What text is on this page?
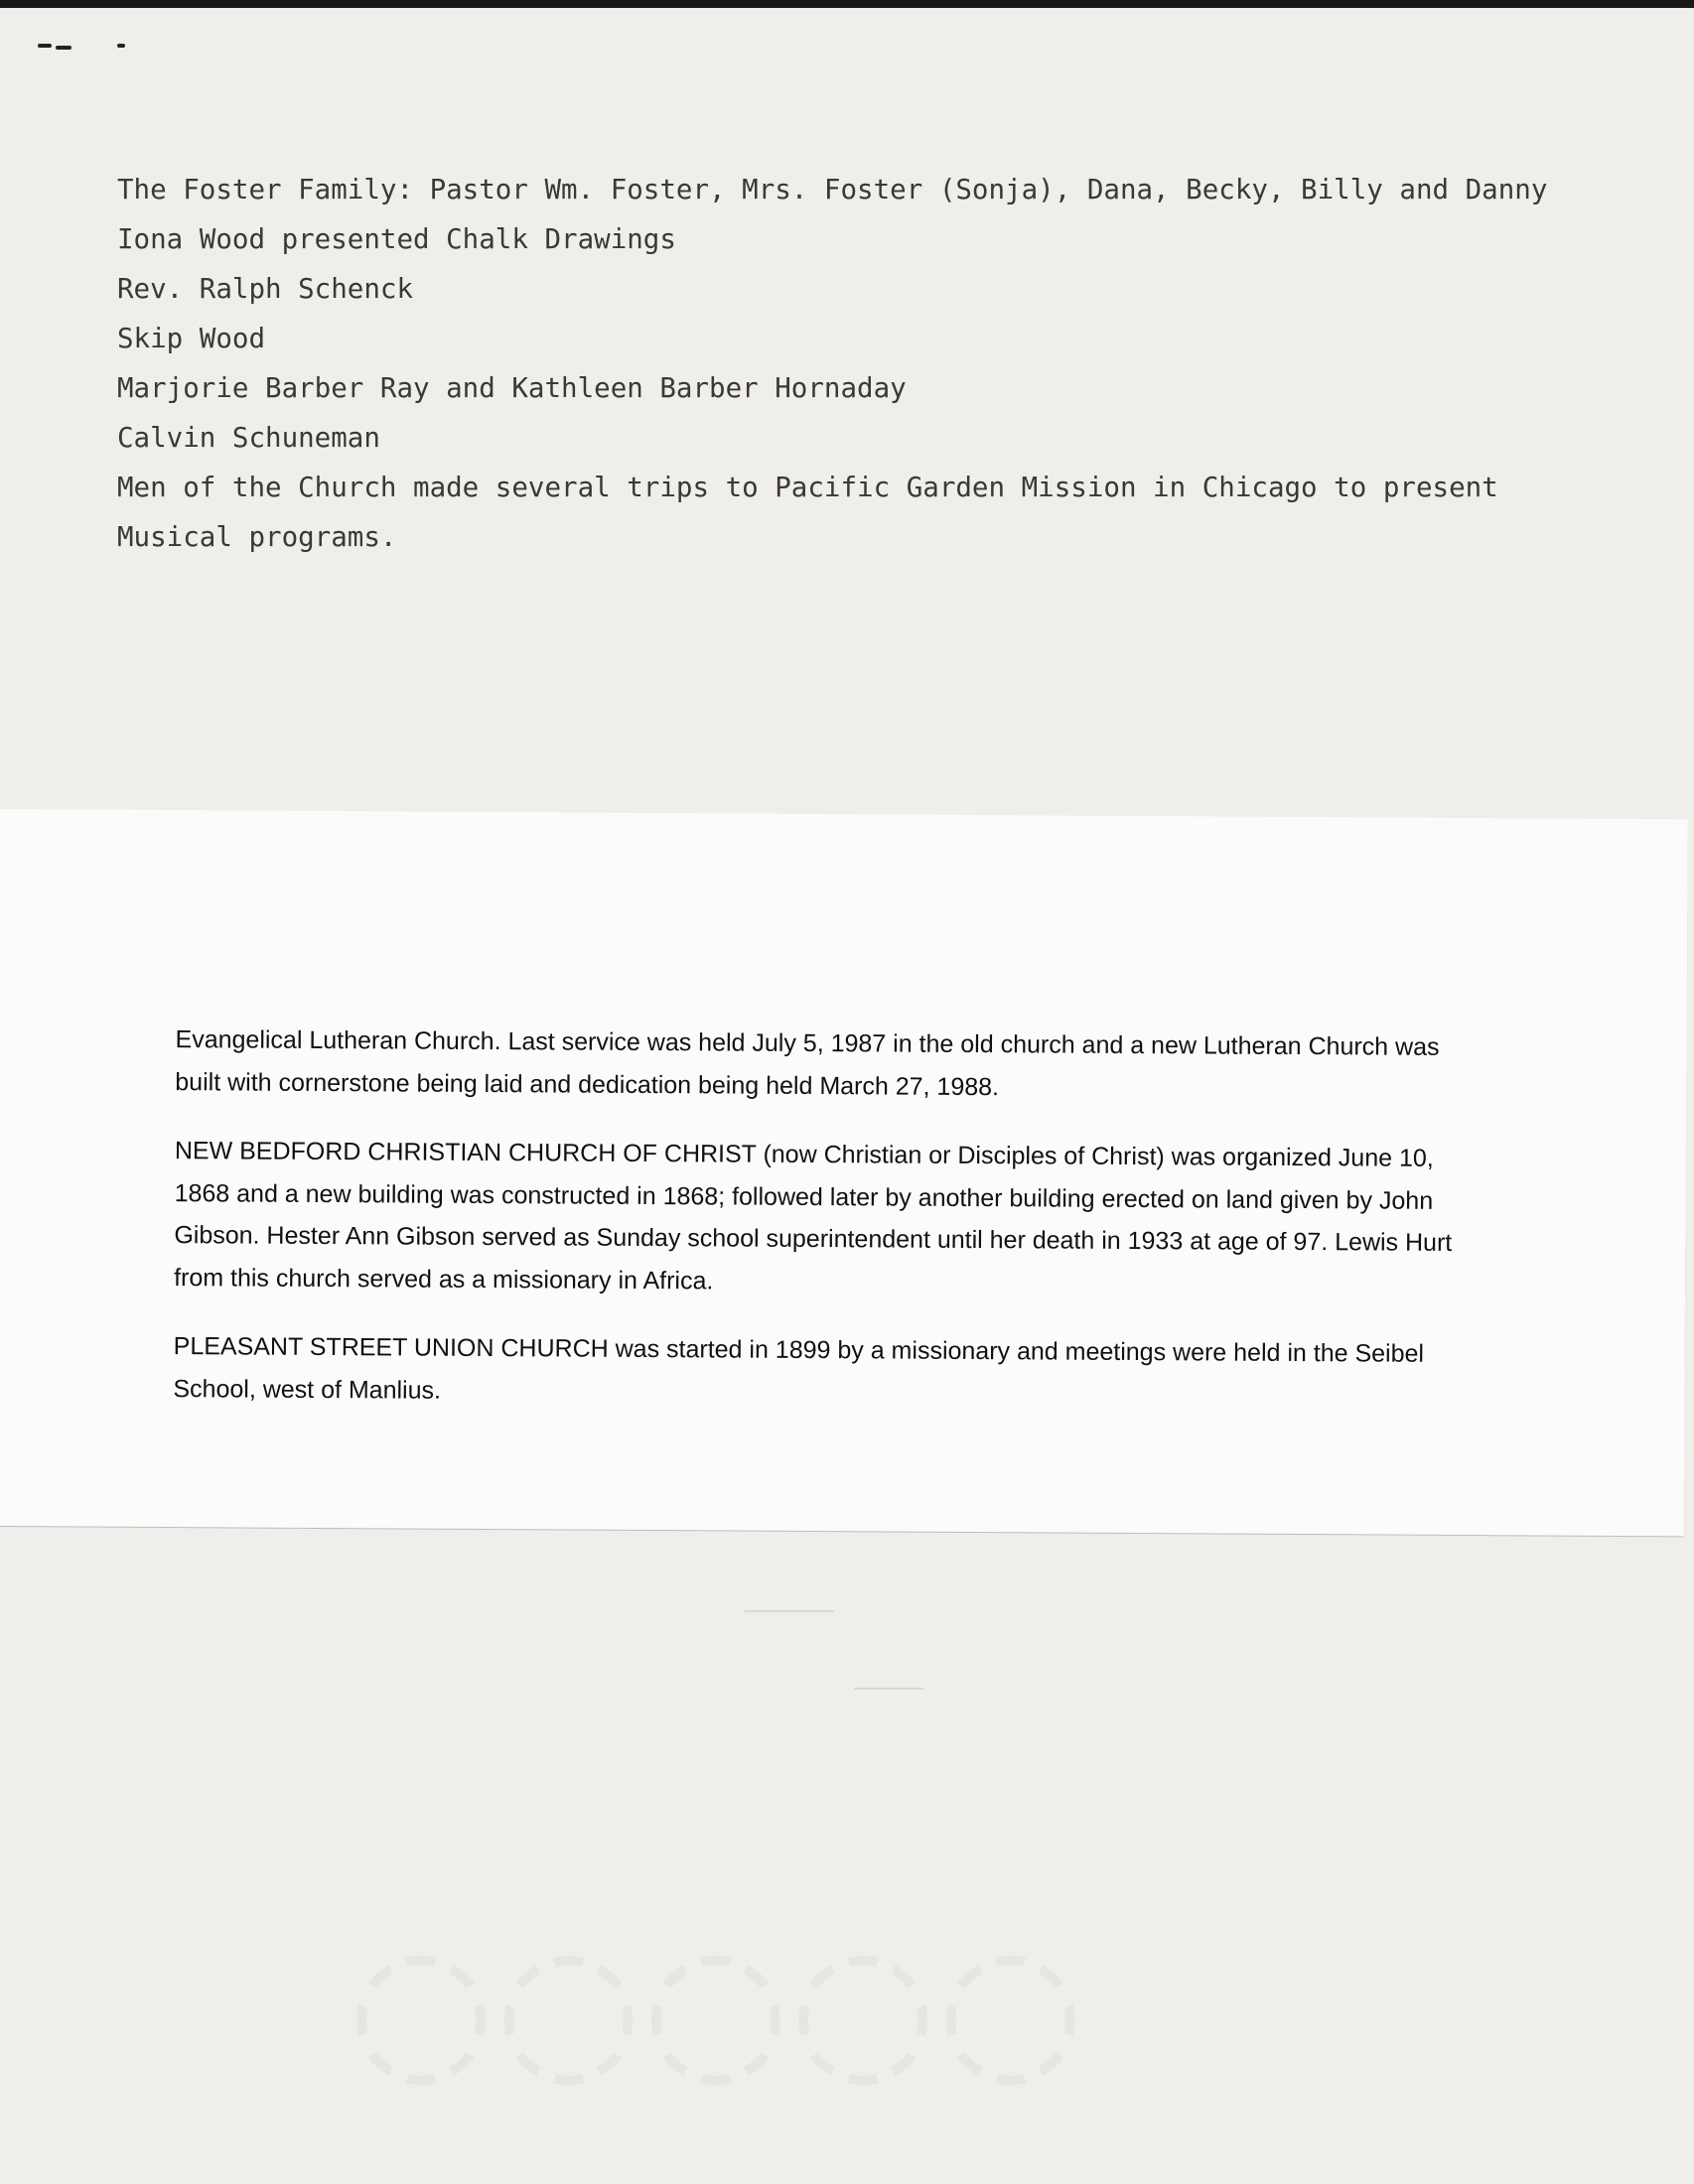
The Foster Family: Pastor Wm. Foster, Mrs. Foster (Sonja), Dana, Becky, Billy and Danny
Iona Wood presented Chalk Drawings
Rev. Ralph Schenck
Skip Wood
Marjorie Barber Ray and Kathleen Barber Hornaday
Calvin Schuneman
Men of the Church made several trips to Pacific Garden Mission in Chicago to present
Musical programs.

Evangelical Lutheran Church. Last service was held July 5, 1987 in the old church and a new Lutheran Church was built with cornerstone being laid and dedication being held March 27, 1988.

NEW BEDFORD CHRISTIAN CHURCH OF CHRIST (now Christian or Disciples of Christ) was organized June 10, 1868 and a new building was constructed in 1868; followed later by another building erected on land given by John Gibson. Hester Ann Gibson served as Sunday school superintendent until her death in 1933 at age of 97. Lewis Hurt from this church served as a missionary in Africa.

PLEASANT STREET UNION CHURCH was started in 1899 by a missionary and meetings were held in the Seibel School, west of Manlius.

◌◌◌◌◌
